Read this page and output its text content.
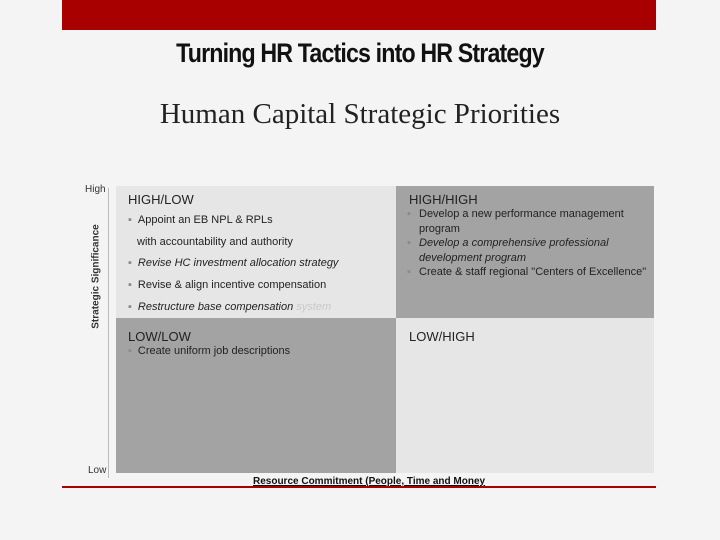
Turning HR Tactics into HR Strategy
Human Capital Strategic Priorities
High
Low
Strategic Significance
HIGH/LOW
▪ Appoint an EB NPL & RPLs
with accountability and authority
▪ Revise HC investment allocation strategy
▪ Revise & align incentive compensation
▪ Restructure base compensation system
HIGH/HIGH
▪ Develop a new performance management program
▪ Develop a comprehensive professional development program
▪ Create & staff regional "Centers of Excellence"
LOW/LOW
▪ Create uniform job descriptions
LOW/HIGH
Resource Commitment (People, Time and Money
